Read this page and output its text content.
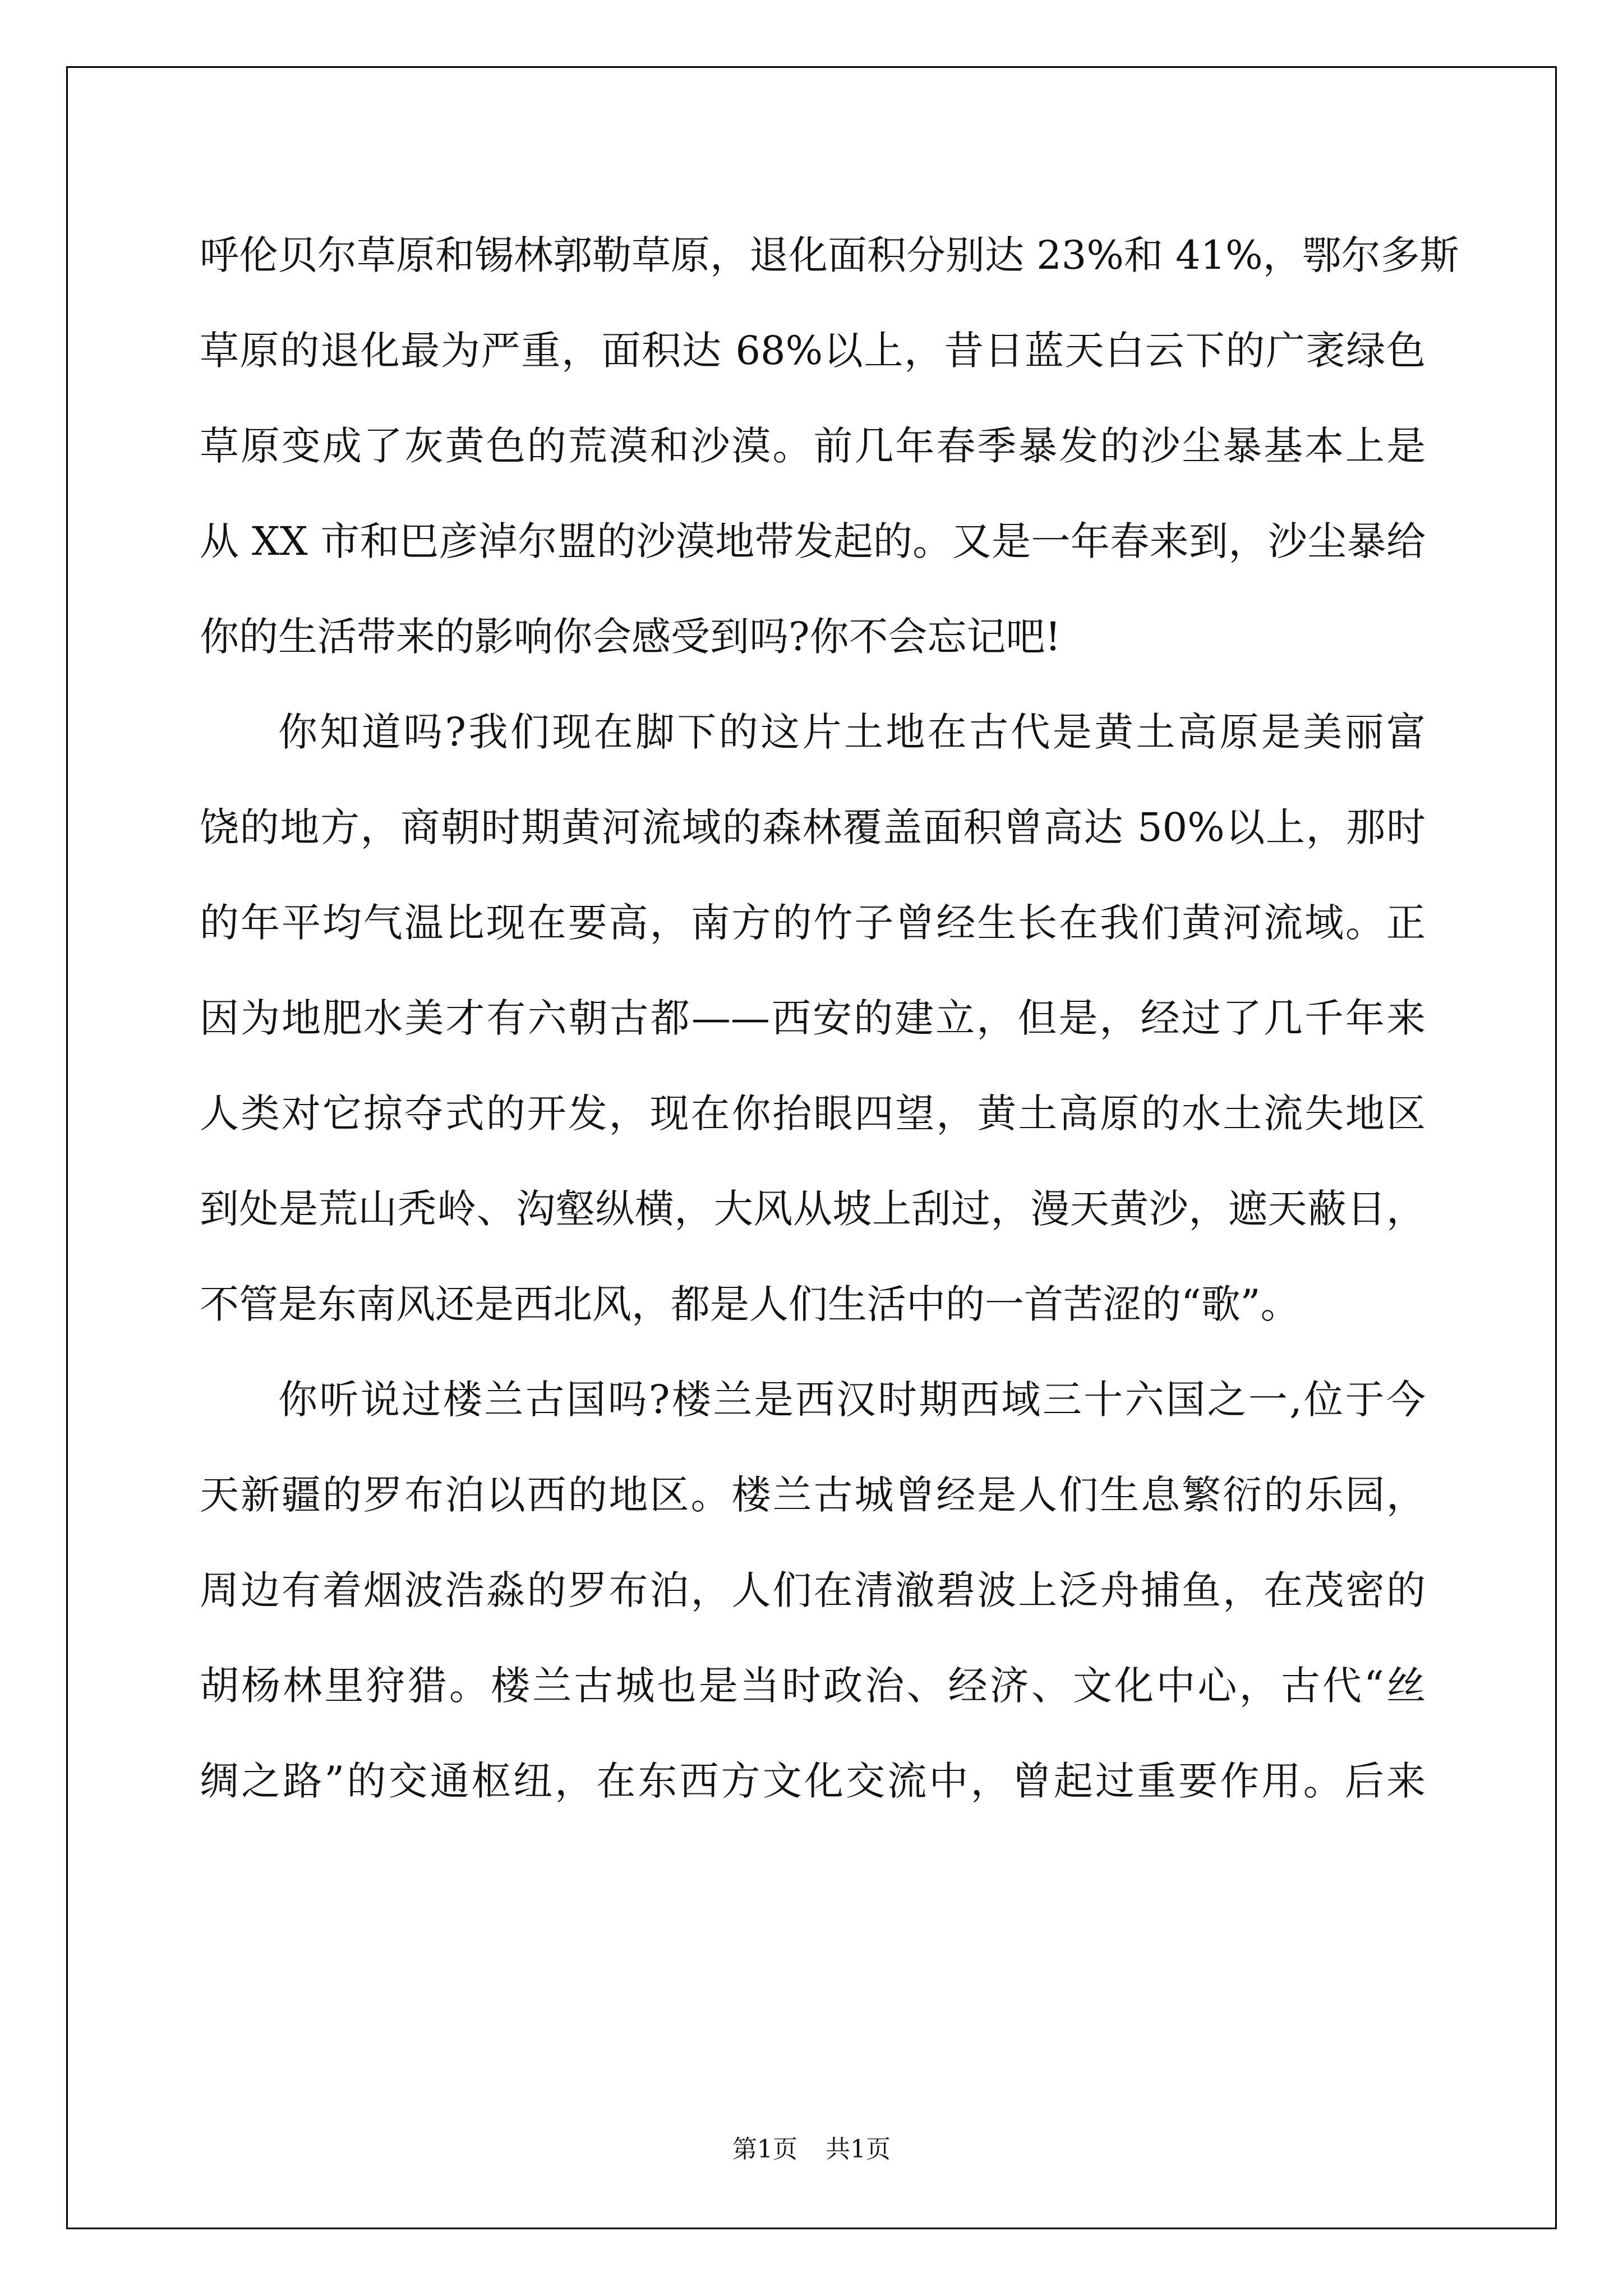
呼伦贝尔草原和锡林郭勒草原，退化面积分别达 23%和 41%，鄂尔多斯
草原的退化最为严重，面积达 68%以上，昔日蓝天白云下的广袤绿色
草原变成了灰黄色的荒漠和沙漠。前几年春季暴发的沙尘暴基本上是
从 XX 市和巴彦淖尔盟的沙漠地带发起的。又是一年春来到，沙尘暴给
你的生活带来的影响你会感受到吗?你不会忘记吧!
你知道吗?我们现在脚下的这片土地在古代是黄土高原是美丽富
饶的地方，商朝时期黄河流域的森林覆盖面积曾高达 50%以上，那时
的年平均气温比现在要高，南方的竹子曾经生长在我们黄河流域。正
因为地肥水美才有六朝古都——西安的建立，但是，经过了几千年来
人类对它掠夺式的开发，现在你抬眼四望，黄土高原的水土流失地区
到处是荒山秃岭、沟壑纵横，大风从坡上刮过，漫天黄沙，遮天蔽日，
不管是东南风还是西北风，都是人们生活中的一首苦涩的“歌”。
你听说过楼兰古国吗?楼兰是西汉时期西域三十六国之一,位于今
天新疆的罗布泊以西的地区。楼兰古城曾经是人们生息繁衍的乐园，
周边有着烟波浩淼的罗布泊，人们在清澈碧波上泛舟捕鱼，在茂密的
胡杨林里狩猎。楼兰古城也是当时政治、经济、文化中心，古代“丝
绸之路”的交通枢纽，在东西方文化交流中，曾起过重要作用。后来
第1页 共1页
